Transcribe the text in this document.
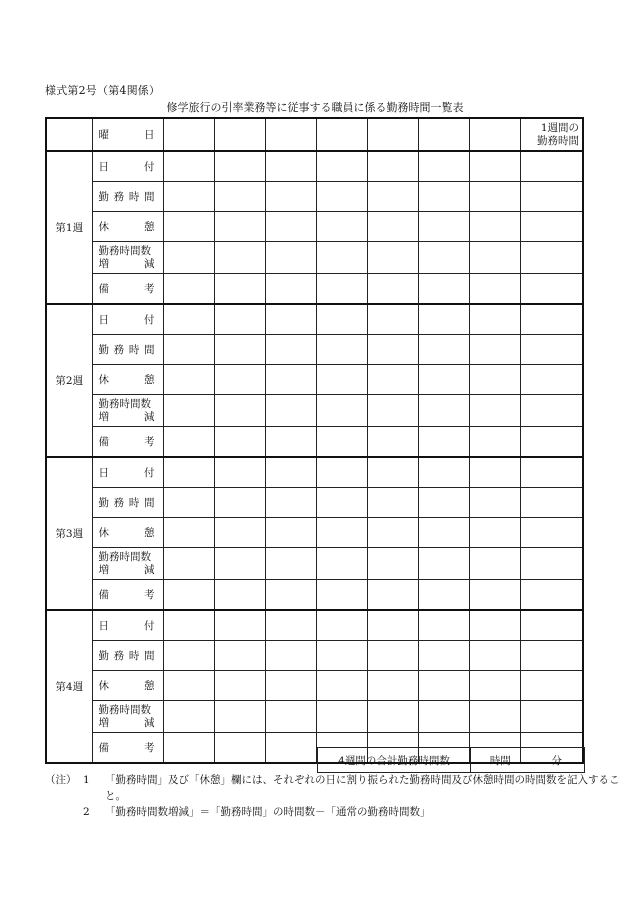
様式第2号（第4関係）
修学旅行の引率業務等に従事する職員に係る勤務時間一覧表
	曜　　日								1週間の
勤務時間
第1週	日　　付								
	勤 務 時 間								
	休　　憩								

	勤務時間数
増　　減								

	備　　考								
第2週	日　　付								
	勤 務 時 間								
	休　　憩								

	勤務時間数
増　　減								

	備　　考								
第3週	日　　付								
	勤 務 時 間								
	休　　憩								

	勤務時間数
増　　減								

	備　　考								
第4週	日　　付								
	勤 務 時 間								
	休　　憩								

	勤務時間数
増　　減								

	備　　考								
4週間の合計勤務時間数	時間	分
（注） 1	「勤務時間」及び「休憩」欄には、それぞれの日に割り振られた勤務時間及び休憩時間の時間数を記入すること。
2	「勤務時間数増減」＝「勤務時間」の時間数－「通常の勤務時間数」
